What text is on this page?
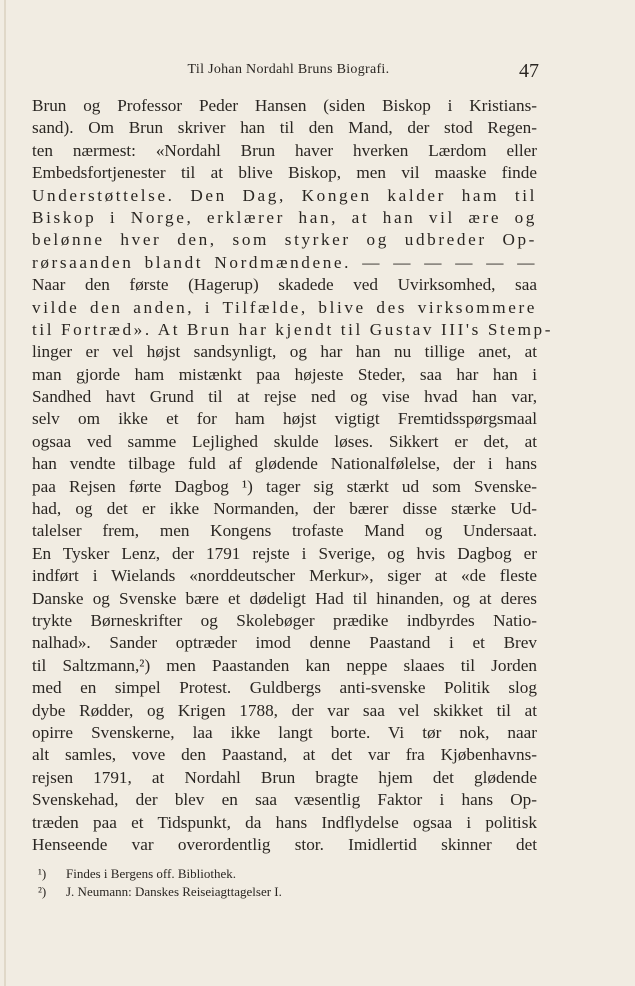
Til Johan Nordahl Bruns Biografi.	47
Brun og Professor Peder Hansen (siden Biskop i Kristians-
sand). Om Brun skriver han til den Mand, der stod Regen-
ten nærmest: «Nordahl Brun haver hverken Lærdom eller
Embedsfortjenester til at blive Biskop, men vil maaske finde
Understøttelse. Den Dag, Kongen kalder ham til
Biskop i Norge, erklærer han, at han vil ære og
belønne hver den, som styrker og udbreder Op-
rørsaanden blandt Nordmændene. — — — — — —
Naar den første (Hagerup) skadede ved Uvirksomhed, saa
vilde den anden, i Tilfælde, blive des virksommere
til Fortræd». At Brun har kjendt til Gustav III's Stemp-
linger er vel højst sandsynligt, og har han nu tillige anet, at
man gjorde ham mistænkt paa højeste Steder, saa har han i
Sandhed havt Grund til at rejse ned og vise hvad han var,
selv om ikke et for ham højst vigtigt Fremtidsspørgsmaal
ogsaa ved samme Lejlighed skulde løses. Sikkert er det, at
han vendte tilbage fuld af glødende Nationalfølelse, der i hans
paa Rejsen førte Dagbog ¹) tager sig stærkt ud som Svenske-
had, og det er ikke Normanden, der bærer disse stærke Ud-
talelser frem, men Kongens trofaste Mand og Undersaat.
En Tysker Lenz, der 1791 rejste i Sverige, og hvis Dagbog er
indført i Wielands «norddeutscher Merkur», siger at «de fleste
Danske og Svenske bære et dødeligt Had til hinanden, og at deres
trykte Børneskrifter og Skolebøger prædike indbyrdes Natio-
nalhad». Sander optræder imod denne Paastand i et Brev
til Saltzmann,²) men Paastanden kan neppe slaaes til Jorden
med en simpel Protest. Guldbergs anti-svenske Politik slog
dybe Rødder, og Krigen 1788, der var saa vel skikket til at
opirre Svenskerne, laa ikke langt borte. Vi tør nok, naar
alt samles, vove den Paastand, at det var fra Kjøbenhavns-
rejsen 1791, at Nordahl Brun bragte hjem det glødende
Svenskehad, der blev en saa væsentlig Faktor i hans Op-
træden paa et Tidspunkt, da hans Indflydelse ogsaa i politisk
Henseende var overordentlig stor. Imidlertid skinner det
¹) Findes i Bergens off. Bibliothek.
²) J. Neumann: Danskes Reiseiagttagelser I.
